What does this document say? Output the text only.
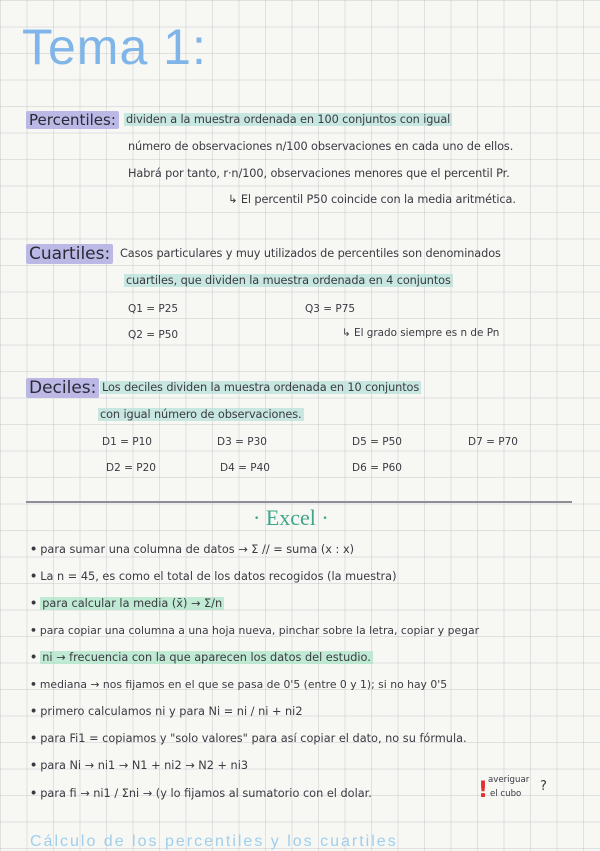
Tema 1:
Percentiles: dividen a la muestra ordenada en 100 conjuntos con igual
número de observaciones n/100 observaciones en cada uno de ellos.
Habrá por tanto, r·n/100, observaciones menores que el percentil Pr.
↳ El percentil P50 coincide con la media aritmética.
Cuartiles: Casos particulares y muy utilizados de percentiles son denominados
cuartiles, que dividen la muestra ordenada en 4 conjuntos
Q1 = P25	Q3 = P75
Q2 = P50	↳ El grado siempre es n de Pn
Deciles: Los deciles dividen la muestra ordenada en 10 conjuntos
con igual número de observaciones.
D1 = P10	D3 = P30	D5 = P50	D7 = P70
D2 = P20	D4 = P40	D6 = P60
· Excel ·
• para sumar una columna de datos → Σ // = suma (x : x)
• La n = 45, es como el total de los datos recogidos (la muestra)
• para calcular la media (x̄) → Σ/n
• para copiar una columna a una hoja nueva, pinchar sobre la letra, copiar y pegar
• ni → frecuencia con la que aparecen los datos del estudio.
• mediana → nos fijamos en el que se pasa de 0'5 (entre 0 y 1); si no hay 0'5
• primero calculamos ni y para Ni = ni / ni + ni2
• para Fi1 = copiamos y "solo valores" para así copiar el dato, no su fórmula.
• para Ni → ni1 → N1 + ni2 → N2 + ni3
• para fi → ni1 / Σni → (y lo fijamos al sumatorio con el dolar.	! averiguar
el cubo ?
Cálculo de los percentiles y los cuartiles
